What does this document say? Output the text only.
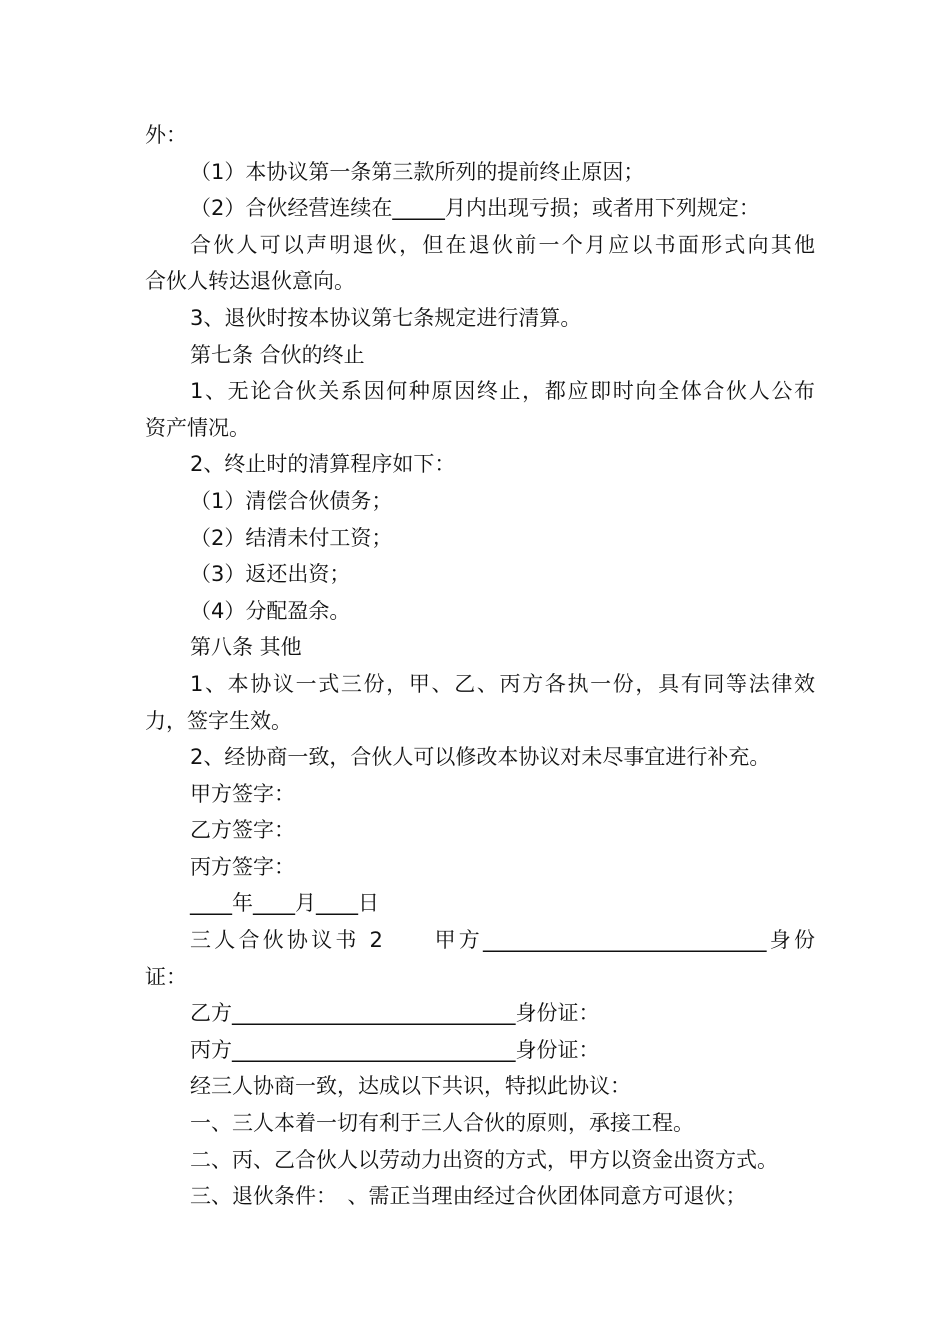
外：
（1）本协议第一条第三款所列的提前终止原因；
（2）合伙经营连续在_____月内出现亏损；或者用下列规定：
合伙人可以声明退伙，但在退伙前一个月应以书面形式向其他
合伙人转达退伙意向。
3、退伙时按本协议第七条规定进行清算。
第七条 合伙的终止
1、无论合伙关系因何种原因终止，都应即时向全体合伙人公布
资产情况。
2、终止时的清算程序如下：
（1）清偿合伙债务；
（2）结清未付工资；
（3）返还出资；
（4）分配盈余。
第八条 其他
1、本协议一式三份，甲、乙、丙方各执一份，具有同等法律效
力，签字生效。
2、经协商一致，合伙人可以修改本协议对未尽事宜进行补充。
甲方签字：
乙方签字：
丙方签字：
____年____月____日
三人合伙协议书 2　　甲方___________________________身份
证：
乙方___________________________身份证：
丙方___________________________身份证：
经三人协商一致，达成以下共识，特拟此协议：
一、三人本着一切有利于三人合伙的原则，承接工程。
二、丙、乙合伙人以劳动力出资的方式，甲方以资金出资方式。
三、退伙条件：　、需正当理由经过合伙团体同意方可退伙；
